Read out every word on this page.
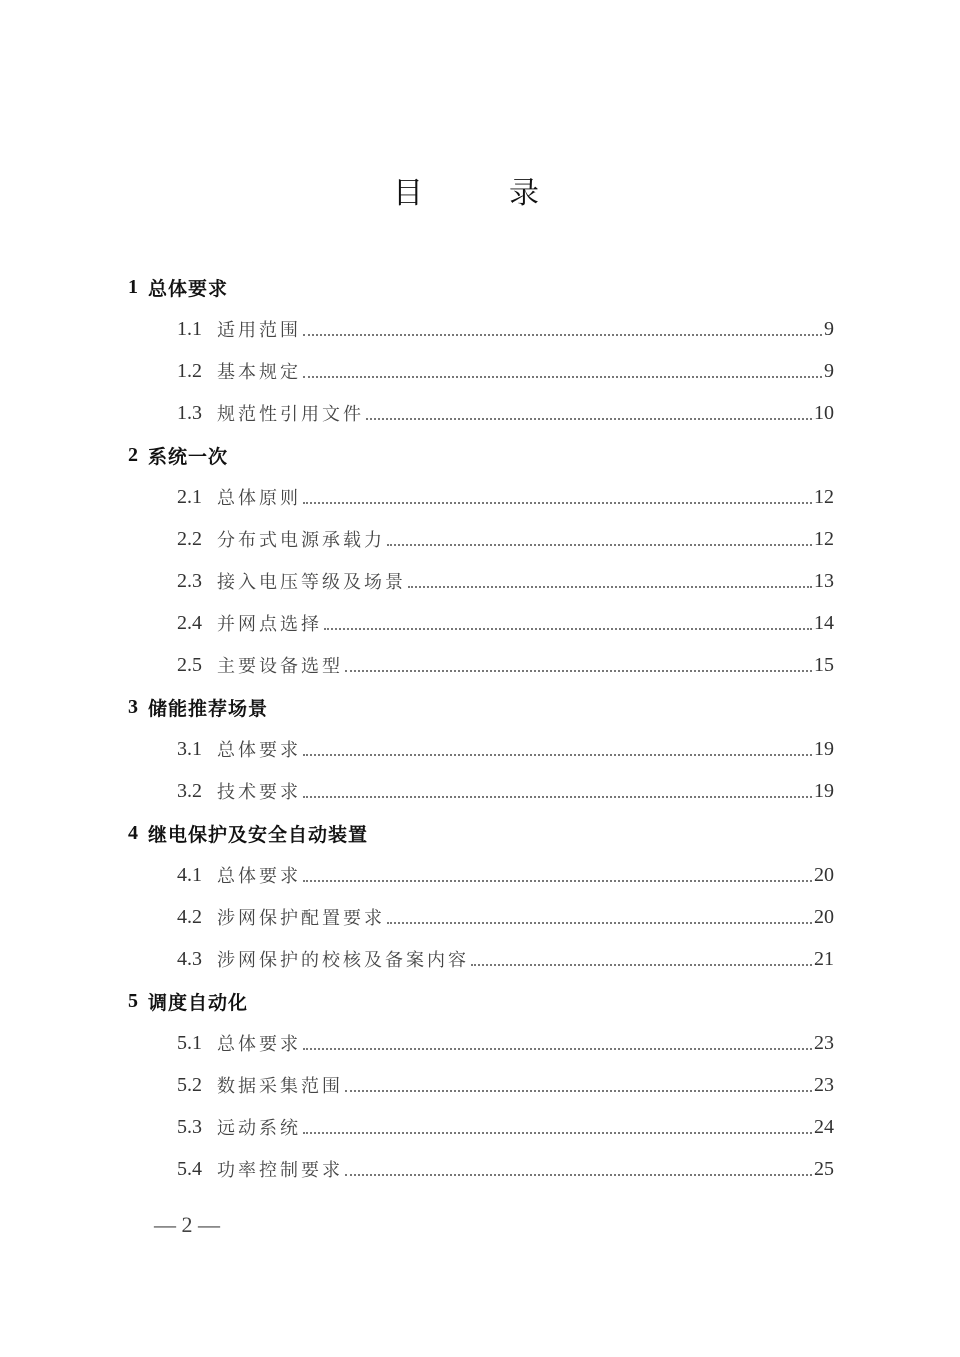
目　录
1 总体要求
1.1 适用范围	9
1.2 基本规定	9
1.3 规范性引用文件	10
2 系统一次
2.1 总体原则	12
2.2 分布式电源承载力	12
2.3 接入电压等级及场景	13
2.4 并网点选择	14
2.5 主要设备选型	15
3 储能推荐场景
3.1 总体要求	19
3.2 技术要求	19
4 继电保护及安全自动装置
4.1 总体要求	20
4.2 涉网保护配置要求	20
4.3 涉网保护的校核及备案内容	21
5 调度自动化
5.1 总体要求	23
5.2 数据采集范围	23
5.3 远动系统	24
5.4 功率控制要求	25
— 2 —
